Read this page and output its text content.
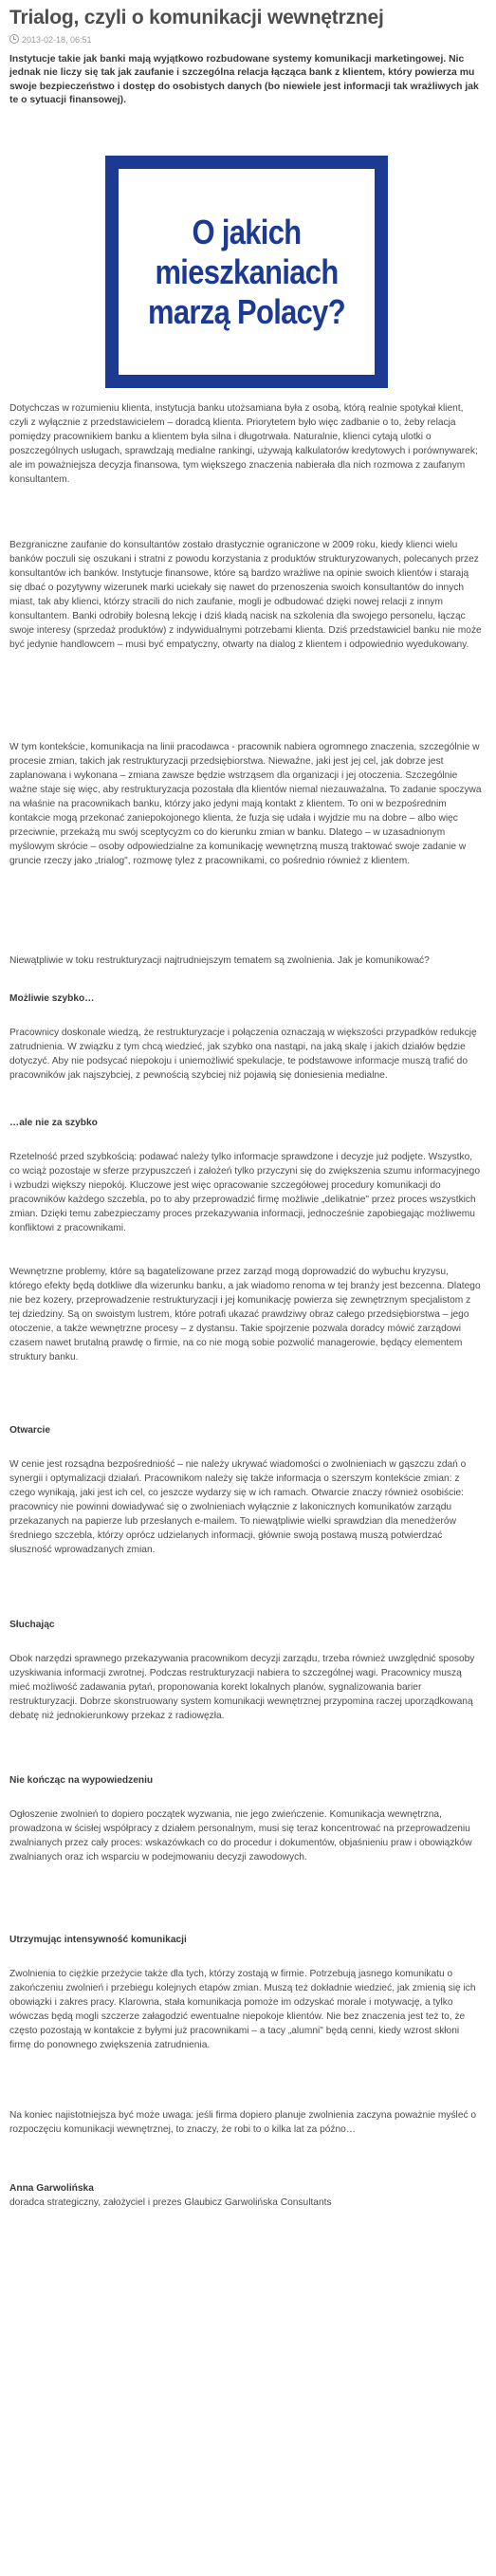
Trialog, czyli o komunikacji wewnętrznej
2013-02-18, 06:51
Instytucje takie jak banki mają wyjątkowo rozbudowane systemy komunikacji marketingowej. Nic jednak nie liczy się tak jak zaufanie i szczególna relacja łącząca bank z klientem, który powierza mu swoje bezpieczeństwo i dostęp do osobistych danych (bo niewiele jest informacji tak wrażliwych jak te o sytuacji finansowej).
O jakich mieszkaniach marzą Polacy?
Dotychczas w rozumieniu klienta, instytucja banku utożsamiana była z osobą, którą realnie spotykał klient, czyli z wyłącznie z przedstawicielem – doradcą klienta. Priorytetem było więc zadbanie o to, żeby relacja pomiędzy pracownikiem banku a klientem była silna i długotrwała. Naturalnie, klienci cytają ulotki o poszczególnych usługach, sprawdzają medialne rankingi, używają kalkulatorów kredytowych i porównywarek; ale im poważniejsza decyzja finansowa, tym większego znaczenia nabierała dla nich rozmowa z zaufanym konsultantem.
Bezgraniczne zaufanie do konsultantów zostało drastycznie ograniczone w 2009 roku, kiedy klienci wielu banków poczuli się oszukani i stratni z powodu korzystania z produktów strukturyzowanych, polecanych przez konsultantów ich banków. Instytucje finansowe, które są bardzo wrażliwe na opinie swoich klientów i starają się dbać o pozytywny wizerunek marki uciekały się nawet do przenoszenia swoich konsultantów do innych miast, tak aby klienci, którzy stracili do nich zaufanie, mogli je odbudować dzięki nowej relacji z innym konsultantem. Banki odrobiły bolesną lekcję i dziś kładą nacisk na szkolenia dla swojego personelu, łącząc swoje interesy (sprzedaż produktów) z indywidualnymi potrzebami klienta. Dziś przedstawiciel banku nie może być jedynie handlowcem – musi być empatyczny, otwarty na dialog z klientem i odpowiednio wyedukowany.
W tym kontekście, komunikacja na linii pracodawca - pracownik nabiera ogromnego znaczenia, szczególnie w procesie zmian, takich jak restrukturyzacji przedsiębiorstwa. Niewaźne, jaki jest jej cel, jak dobrze jest zaplanowana i wykonana – zmiana zawsze będzie wstrząsem dla organizacji i jej otoczenia. Szczególnie ważne staje się więc, aby restrukturyzacja pozostała dla klientów niemal niezauważalna. To zadanie spoczywa na właśnie na pracownikach banku, którzy jako jedyni mają kontakt z klientem. To oni w bezpośrednim kontakcie mogą przekonać zaniepokojonego klienta, że fuzja się udała i wyjdzie mu na dobre – albo więc przeciwnie, przekażą mu swój sceptycyzm co do kierunku zmian w banku. Dlatego – w uzasadnionym myślowym skrócie – osoby odpowiedzialne za komunikację wewnętrzną muszą traktować swoje zadanie w gruncie rzeczy jako „trialog", rozmowę tylez z pracownikami, co pośrednio również z klientem.
Niewątpliwie w toku restrukturyzacji najtrudniejszym tematem są zwolnienia. Jak je komunikować?
Możliwie szybko…
Pracownicy doskonale wiedzą, że restrukturyzacje i połączenia oznaczają w większości przypadków redukcję zatrudnienia. W związku z tym chcą wiedzieć, jak szybko ona nastąpi, na jaką skalę i jakich działów będzie dotyczyć. Aby nie podsycać niepokoju i uniemożliwić spekulacje, te podstawowe informacje muszą trafić do pracowników jak najszybciej, z pewnością szybciej niż pojawią się doniesienia medialne.
…ale nie za szybko
Rzetelność przed szybkością: podawać należy tylko informacje sprawdzone i decyzje już podjęte. Wszystko, co wciąż pozostaje w sferze przypuszczeń i założeń tylko przyczyni się do zwiększenia szumu informacyjnego i wzbudzi większy niepokój. Kluczowe jest więc opracowanie szczegółowej procedury komunikacji do pracowników każdego szczebla, po to aby przeprowadzić firmę możliwie „delikatnie" przez proces wszystkich zmian. Dzięki temu zabezpieczamy proces przekazywania informacji, jednocześnie zapobiegając możliwemu konfliktowi z pracownikami.
Wewnętrzne problemy, które są bagatelizowane przez zarząd mogą doprowadzić do wybuchu kryzysu, którego efekty będą dotkliwe dla wizerunku banku, a jak wiadomo renoma w tej branży jest bezcenna. Dlatego nie bez kozery, przeprowadzenie restrukturyzacji i jej komunikację powierza się zewnętrznym specjalistom z tej dziedziny. Są on swoistym lustrem, które potrafi ukazać prawdziwy obraz całego przedsiębiorstwa – jego otoczenie, a także wewnętrzne procesy – z dystansu. Takie spojrzenie pozwala doradcy mówić zarządowi czasem nawet brutalną prawdę o firmie, na co nie mogą sobie pozwolić managerowie, będący elementem struktury banku.
Otwarcie
W cenie jest rozsądna bezpośredniość – nie należy ukrywać wiadomości o zwolnieniach w gąszczu zdań o synergii i optymalizacji działań. Pracownikom należy się także informacja o szerszym kontekście zmian: z czego wynikają, jaki jest ich cel, co jeszcze wydarzy się w ich ramach. Otwarcie znaczy również osobiście: pracownicy nie powinni dowiadywać się o zwolnieniach wyłącznie z lakonicznych komunikatów zarządu przekazanych na papierze lub przesłanych e-mailem. To niewątpliwie wielki sprawdzian dla menedżerów średniego szczebla, którzy oprócz udzielanych informacji, głównie swoją postawą muszą potwierdzać słuszność wprowadzanych zmian.
Słuchając
Obok narzędzi sprawnego przekazywania pracownikom decyzji zarządu, trzeba również uwzględnić sposoby uzyskiwania informacji zwrotnej. Podczas restrukturyzacji nabiera to szczególnej wagi. Pracownicy muszą mieć możliwość zadawania pytań, proponowania korekt lokalnych planów, sygnalizowania barier restrukturyzacji. Dobrze skonstruowany system komunikacji wewnętrznej przypomina raczej uporządkowaną debatę niż jednokierunkowy przekaz z radiowęzła.
Nie kończąc na wypowiedzeniu
Ogłoszenie zwolnień to dopiero początek wyzwania, nie jego zwieńczenie. Komunikacja wewnętrzna, prowadzona w ścisłej współpracy z działem personalnym, musi się teraz koncentrować na przeprowadzeniu zwalnianych przez cały proces: wskazówkach co do procedur i dokumentów, objaśnieniu praw i obowiązków zwalnianych oraz ich wsparciu w podejmowaniu decyzji zawodowych.
Utrzymując intensywność komunikacji
Zwolnienia to ciężkie przeżycie także dla tych, którzy zostają w firmie. Potrzebują jasnego komunikatu o zakończeniu zwolnień i przebiegu kolejnych etapów zmian. Muszą też dokładnie wiedzieć, jak zmienią się ich obowiązki i zakres pracy. Klarowna, stała komunikacja pomoże im odzyskać morale i motywację, a tylko wówczas będą mogli szczerze załagodzić ewentualne niepokoje klientów. Nie bez znaczenia jest też to, że często pozostają w kontakcie z byłymi już pracownikami – a tacy „alumni" będą cenni, kiedy wzrost skłoni firmę do ponownego zwiększenia zatrudnienia.
Na koniec najistotniejsza być może uwaga: jeśli firma dopiero planuje zwolnienia zaczyna poważnie myśleć o rozpoczęciu komunikacji wewnętrznej, to znaczy, że robi to o kilka lat za późno…
Anna Garwolińska
doradca strategiczny, założyciel i prezes Glaubicz Garwolińska Consultants
